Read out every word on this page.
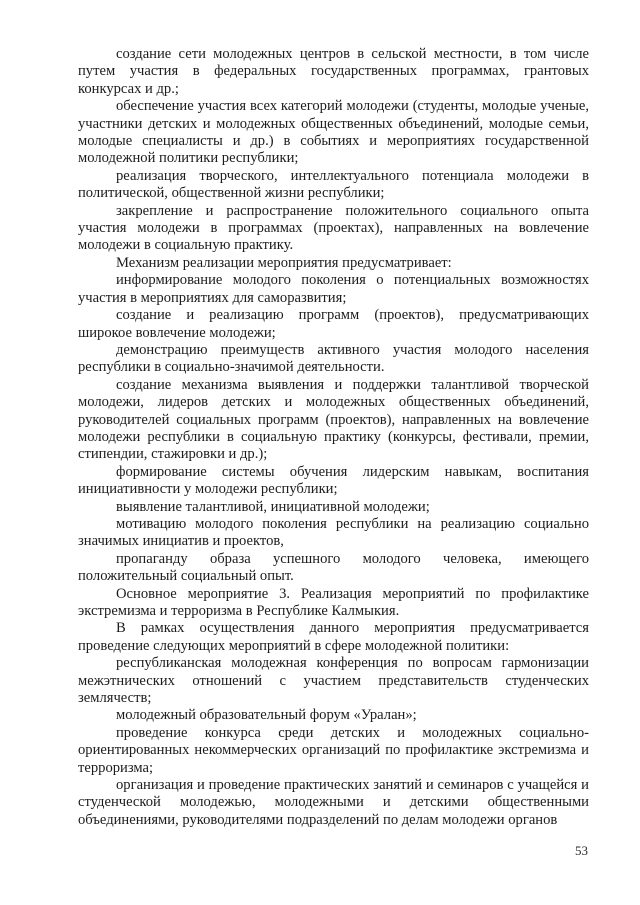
создание сети молодежных центров в сельской местности, в том числе путем участия в федеральных государственных программах, грантовых конкурсах и др.;

обеспечение участия всех категорий молодежи (студенты, молодые ученые, участники детских и молодежных общественных объединений, молодые семьи, молодые специалисты и др.) в событиях и мероприятиях государственной молодежной политики республики;

реализация творческого, интеллектуального потенциала молодежи в политической, общественной жизни республики;

закрепление и распространение положительного социального опыта участия молодежи в программах (проектах), направленных на вовлечение молодежи в социальную практику.

Механизм реализации мероприятия предусматривает:

информирование молодого поколения о потенциальных возможностях участия в мероприятиях для саморазвития;

создание и реализацию программ (проектов), предусматривающих широкое вовлечение молодежи;

демонстрацию преимуществ активного участия молодого населения республики в социально-значимой деятельности.

создание механизма выявления и поддержки талантливой творческой молодежи, лидеров детских и молодежных общественных объединений, руководителей социальных программ (проектов), направленных на вовлечение молодежи республики в социальную практику (конкурсы, фестивали, премии, стипендии, стажировки и др.);

формирование системы обучения лидерским навыкам, воспитания инициативности у молодежи республики;

выявление талантливой, инициативной молодежи;

мотивацию молодого поколения республики на реализацию социально значимых инициатив и проектов,

пропаганду образа успешного молодого человека, имеющего положительный социальный опыт.

Основное мероприятие 3. Реализация мероприятий по профилактике экстремизма и терроризма в Республике Калмыкия.

В рамках осуществления данного мероприятия предусматривается проведение следующих мероприятий в сфере молодежной политики:

республиканская молодежная конференция по вопросам гармонизации межэтнических отношений с участием представительств студенческих землячеств;

молодежный образовательный форум «Уралан»;

проведение конкурса среди детских и молодежных социально-ориентированных некоммерческих организаций по профилактике экстремизма и терроризма;

организация и проведение практических занятий и семинаров с учащейся и студенческой молодежью, молодежными и детскими общественными объединениями, руководителями подразделений по делам молодежи органов

53
